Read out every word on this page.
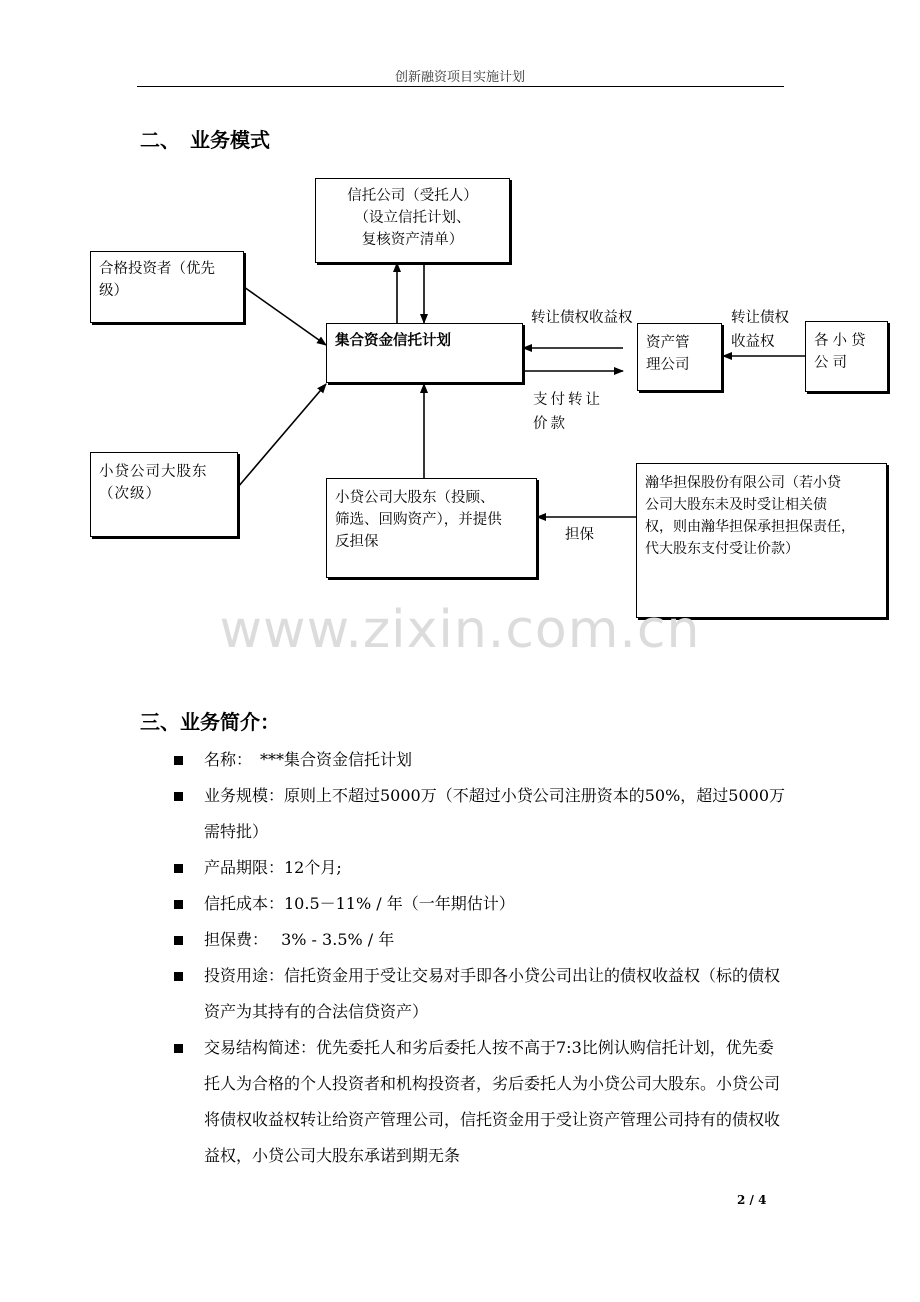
创新融资项目实施计划
二、　业务模式
信托公司（受托人）
（设立信托计划、
复核资产清单）
合格投资者（优先
级）
集合资金信托计划	资产管
理公司
各小贷
公司
小贷公司大股东
（次级）	小贷公司大股东（投顾、
筛选、回购资产），并提供
反担保
瀚华担保股份有限公司（若小贷
公司大股东未及时受让相关债
权，则由瀚华担保承担担保责任，
代大股东支付受让价款）
转让债权收益权	转让债权
收益权
支付转让
价款
担保
www.zixin.com.cn
三、业务简介：
名称：　***集合资金信托计划
业务规模：原则上不超过5000万（不超过小贷公司注册资本的50%，超过5000万需特批）
产品期限：12个月;
信托成本：10.5－11% / 年（一年期估计）
担保费：　 3% - 3.5% / 年
投资用途：信托资金用于受让交易对手即各小贷公司出让的债权收益权（标的债权资产为其持有的合法信贷资产）
交易结构简述：优先委托人和劣后委托人按不高于7:3比例认购信托计划，优先委托人为合格的个人投资者和机构投资者，劣后委托人为小贷公司大股东。小贷公司将债权收益权转让给资产管理公司，信托资金用于受让资产管理公司持有的债权收益权，小贷公司大股东承诺到期无条
2 / 4
